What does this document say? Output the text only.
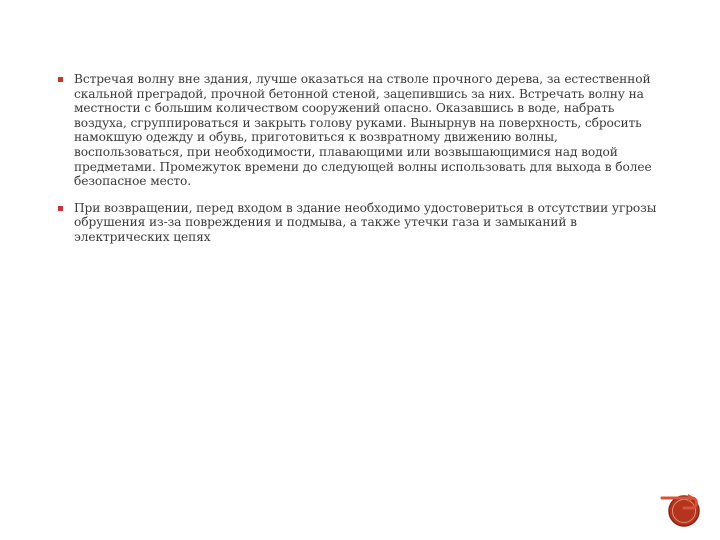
Встречая волну вне здания, лучше оказаться на стволе прочного дерева, за естественной скальной преградой, прочной бетонной стеной, зацепившись за них. Встречать волну на местности с большим количеством сооружений опасно. Оказавшись в воде, набрать воздуха, сгруппироваться и закрыть голову руками. Вынырнув на поверхность, сбросить намокшую одежду и обувь, приготовиться к возвратному движению волны, воспользоваться, при необходимости, плавающими или возвышающимися над водой предметами. Промежуток времени до следующей волны использовать для выхода в более безопасное место.
При возвращении, перед входом в здание необходимо удостовериться в отсутствии угрозы обрушения из-за повреждения и подмыва, а также утечки газа и замыканий в электрических цепях
